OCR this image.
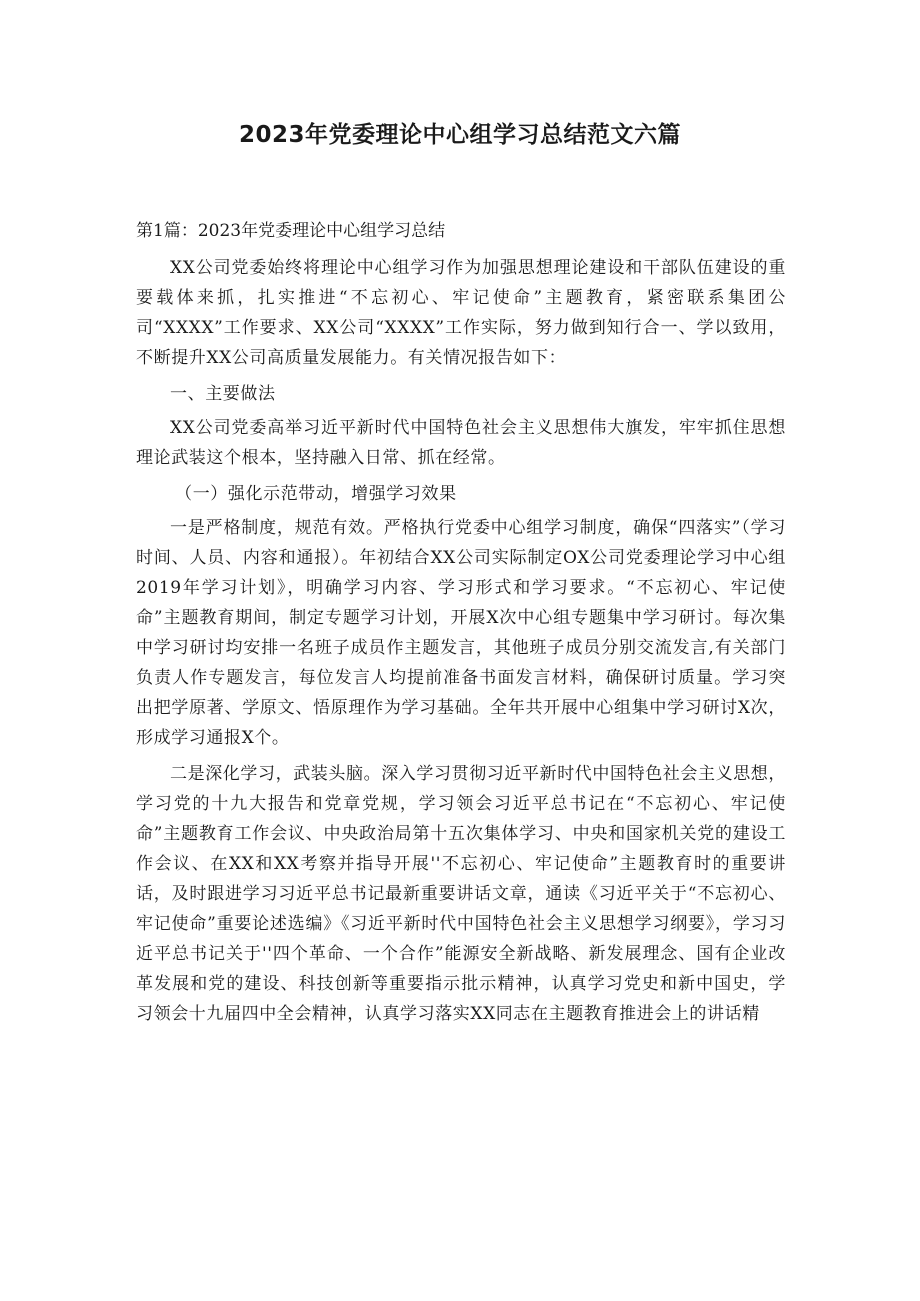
2023年党委理论中心组学习总结范文六篇

第1篇：2023年党委理论中心组学习总结

XX公司党委始终将理论中心组学习作为加强思想理论建设和干部队伍建设的重要载体来抓，扎实推进“不忘初心、牢记使命”主题教育，紧密联系集团公司“XXXX”工作要求、XX公司“XXXX”工作实际，努力做到知行合一、学以致用，不断提升XX公司高质量发展能力。有关情况报告如下：

一、主要做法

XX公司党委高举习近平新时代中国特色社会主义思想伟大旗发，牢牢抓住思想理论武装这个根本，坚持融入日常、抓在经常。

（一）强化示范带动，增强学习效果

一是严格制度，规范有效。严格执行党委中心组学习制度，确保“四落实”（学习时间、人员、内容和通报）。年初结合XX公司实际制定OX公司党委理论学习中心组2019年学习计划》，明确学习内容、学习形式和学习要求。“不忘初心、牢记使命”主题教育期间，制定专题学习计划，开展X次中心组专题集中学习研讨。每次集中学习研讨均安排一名班子成员作主题发言，其他班子成员分别交流发言,有关部门负责人作专题发言，每位发言人均提前准备书面发言材料，确保研讨质量。学习突出把学原著、学原文、悟原理作为学习基础。全年共开展中心组集中学习研讨X次，形成学习通报X个。

二是深化学习，武装头脑。深入学习贯彻习近平新时代中国特色社会主义思想，学习党的十九大报告和党章党规，学习领会习近平总书记在“不忘初心、牢记使命”主题教育工作会议、中央政治局第十五次集体学习、中央和国家机关党的建设工作会议、在XX和XX考察并指导开展''不忘初心、牢记使命”主题教育时的重要讲话，及时跟进学习习近平总书记最新重要讲话文章，通读《习近平关于“不忘初心、牢记使命”重要论述选编》《习近平新时代中国特色社会主义思想学习纲要》，学习习近平总书记关于''四个革命、一个合作”能源安全新战略、新发展理念、国有企业改革发展和党的建设、科技创新等重要指示批示精神，认真学习党史和新中国史，学习领会十九届四中全会精神，认真学习落实XX同志在主题教育推进会上的讲话精
